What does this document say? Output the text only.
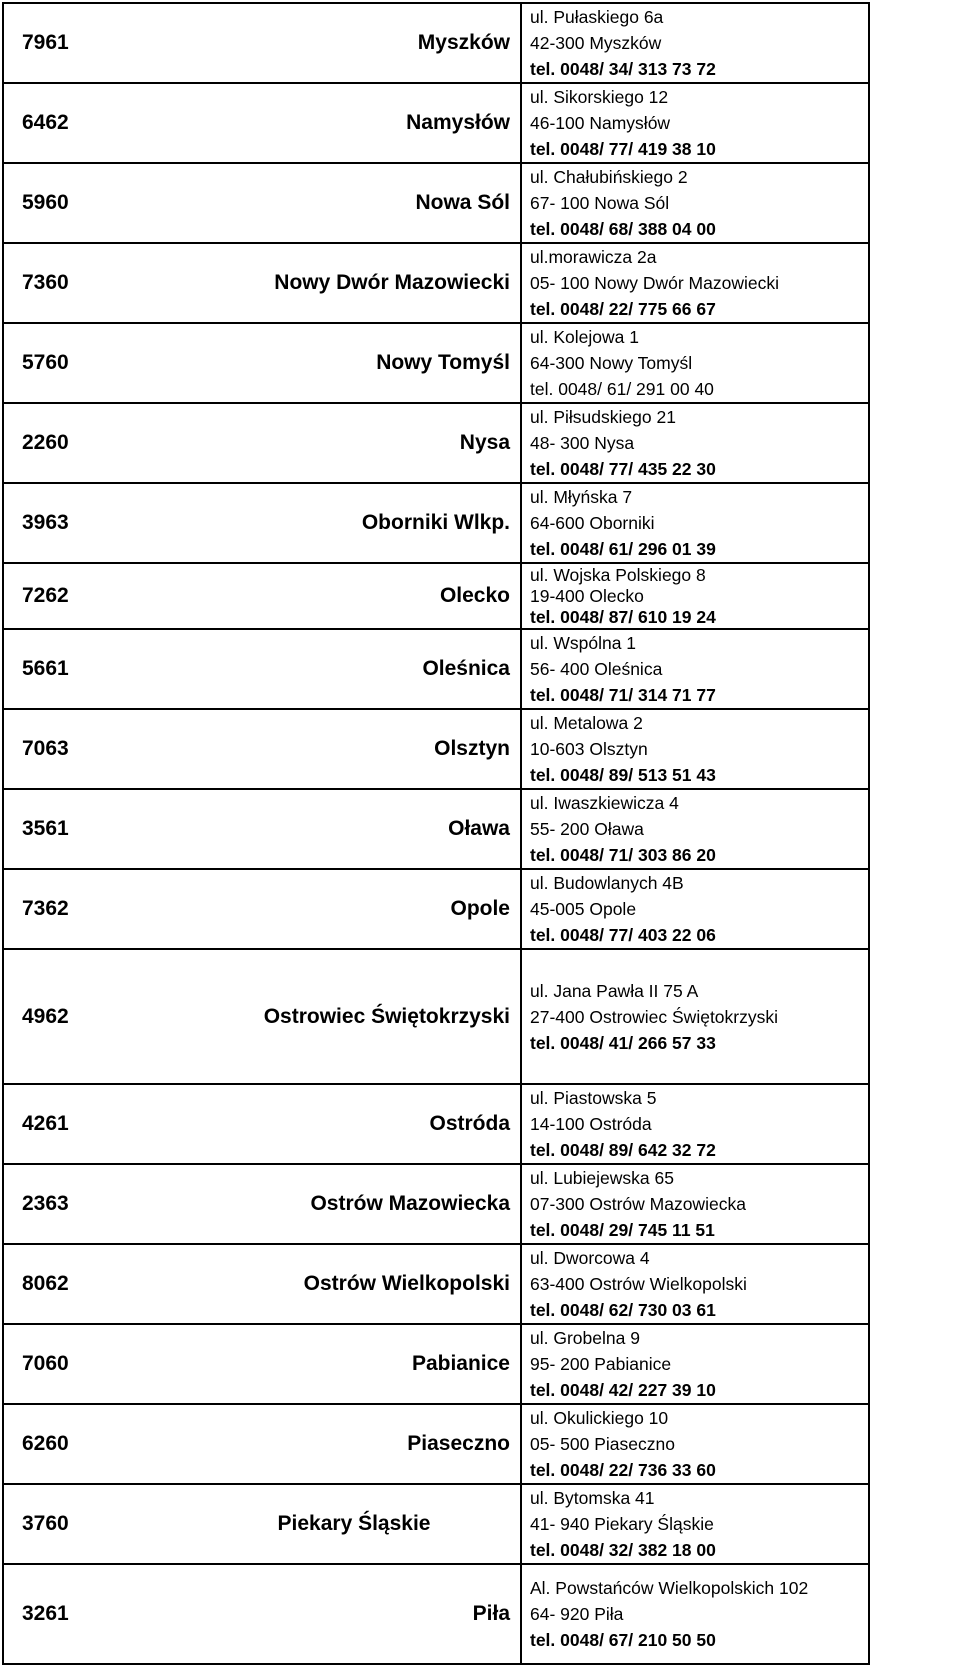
7961	Myszków	ul. Pułaskiego 6a
42-300 Myszków
tel. 0048/ 34/ 313 73 72

6462	Namysłów	ul. Sikorskiego 12
46-100 Namysłów
tel. 0048/ 77/ 419 38 10

5960	Nowa Sól	ul. Chałubińskiego 2
67- 100 Nowa Sól
tel. 0048/ 68/ 388 04 00

7360	Nowy Dwór Mazowiecki	ul.morawicza 2a
05- 100 Nowy Dwór Mazowiecki
tel. 0048/ 22/ 775 66 67

5760	Nowy Tomyśl	ul. Kolejowa 1
64-300 Nowy Tomyśl
tel. 0048/ 61/ 291 00 40

2260	Nysa	ul. Piłsudskiego 21
48- 300 Nysa
tel. 0048/ 77/ 435 22 30

3963	Oborniki Wlkp.	ul. Młyńska 7
64-600 Oborniki
tel. 0048/ 61/ 296 01 39

7262	Olecko	ul. Wojska Polskiego 8
19-400 Olecko
tel. 0048/ 87/ 610 19 24

5661	Oleśnica	ul. Wspólna 1
56- 400 Oleśnica
tel. 0048/ 71/ 314 71 77

7063	Olsztyn	ul. Metalowa 2
10-603 Olsztyn
tel. 0048/ 89/ 513 51 43

3561	Oława	ul. Iwaszkiewicza 4
55- 200 Oława
tel. 0048/ 71/ 303 86 20

7362	Opole	ul. Budowlanych 4B
45-005 Opole
tel. 0048/ 77/ 403 22 06

4962	Ostrowiec Świętokrzyski	ul. Jana Pawła II 75 A
27-400 Ostrowiec Świętokrzyski
tel. 0048/ 41/ 266 57 33

4261	Ostróda	ul. Piastowska 5
14-100 Ostróda
tel. 0048/ 89/ 642 32 72

2363	Ostrów Mazowiecka	ul. Lubiejewska 65
07-300 Ostrów Mazowiecka
tel. 0048/ 29/ 745 11 51

8062	Ostrów Wielkopolski	ul. Dworcowa 4
63-400 Ostrów Wielkopolski
tel. 0048/ 62/ 730 03 61

7060	Pabianice	ul. Grobelna 9
95- 200 Pabianice
tel. 0048/ 42/ 227 39 10

6260	Piaseczno	ul. Okulickiego 10
05- 500 Piaseczno
tel. 0048/ 22/ 736 33 60

3760	Piekary Śląskie	ul. Bytomska 41
41- 940 Piekary Śląskie
tel. 0048/ 32/ 382 18 00

3261	Piła	Al. Powstańców Wielkopolskich 102
64- 920 Piła
tel. 0048/ 67/ 210 50 50
